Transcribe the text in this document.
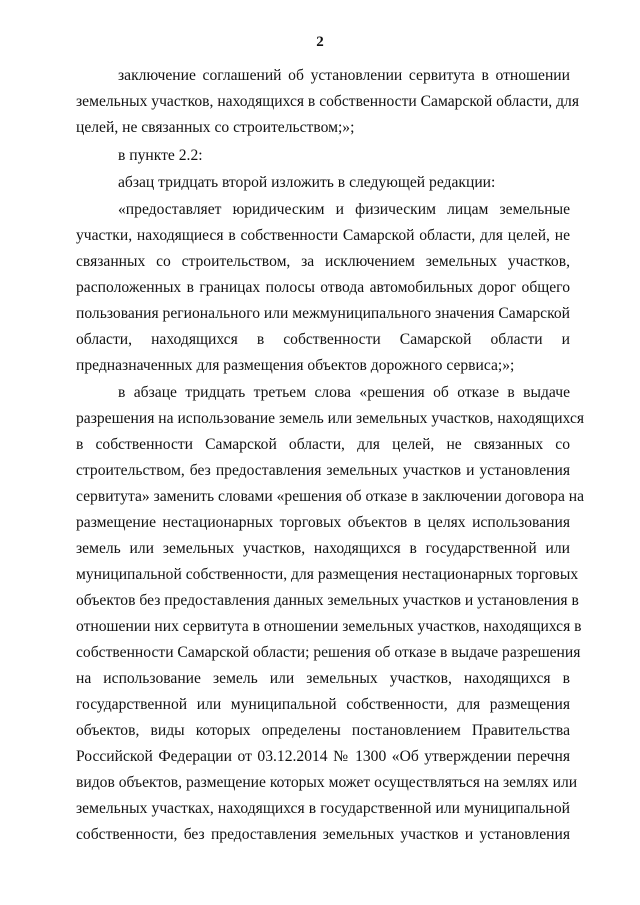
2
заключение соглашений об установлении сервитута в отношении
земельных участков, находящихся в собственности Самарской области, для
целей, не связанных со строительством;»;
в пункте 2.2:
абзац тридцать второй изложить в следующей редакции:
«предоставляет юридическим и физическим лицам земельные
участки, находящиеся в собственности Самарской области, для целей, не
связанных со строительством, за исключением земельных участков,
расположенных в границах полосы отвода автомобильных дорог общего
пользования регионального или межмуниципального значения Самарской
области, находящихся в собственности Самарской области и
предназначенных для размещения объектов дорожного сервиса;»;
в абзаце тридцать третьем слова «решения об отказе в выдаче
разрешения на использование земель или земельных участков, находящихся
в собственности Самарской области, для целей, не связанных со
строительством, без предоставления земельных участков и установления
сервитута» заменить словами «решения об отказе в заключении договора на
размещение нестационарных торговых объектов в целях использования
земель или земельных участков, находящихся в государственной или
муниципальной собственности, для размещения нестационарных торговых
объектов без предоставления данных земельных участков и установления в
отношении них сервитута в отношении земельных участков, находящихся в
собственности Самарской области; решения об отказе в выдаче разрешения
на использование земель или земельных участков, находящихся в
государственной или муниципальной собственности, для размещения
объектов, виды которых определены постановлением Правительства
Российской Федерации от 03.12.2014 № 1300 «Об утверждении перечня
видов объектов, размещение которых может осуществляться на землях или
земельных участках, находящихся в государственной или муниципальной
собственности, без предоставления земельных участков и установления
